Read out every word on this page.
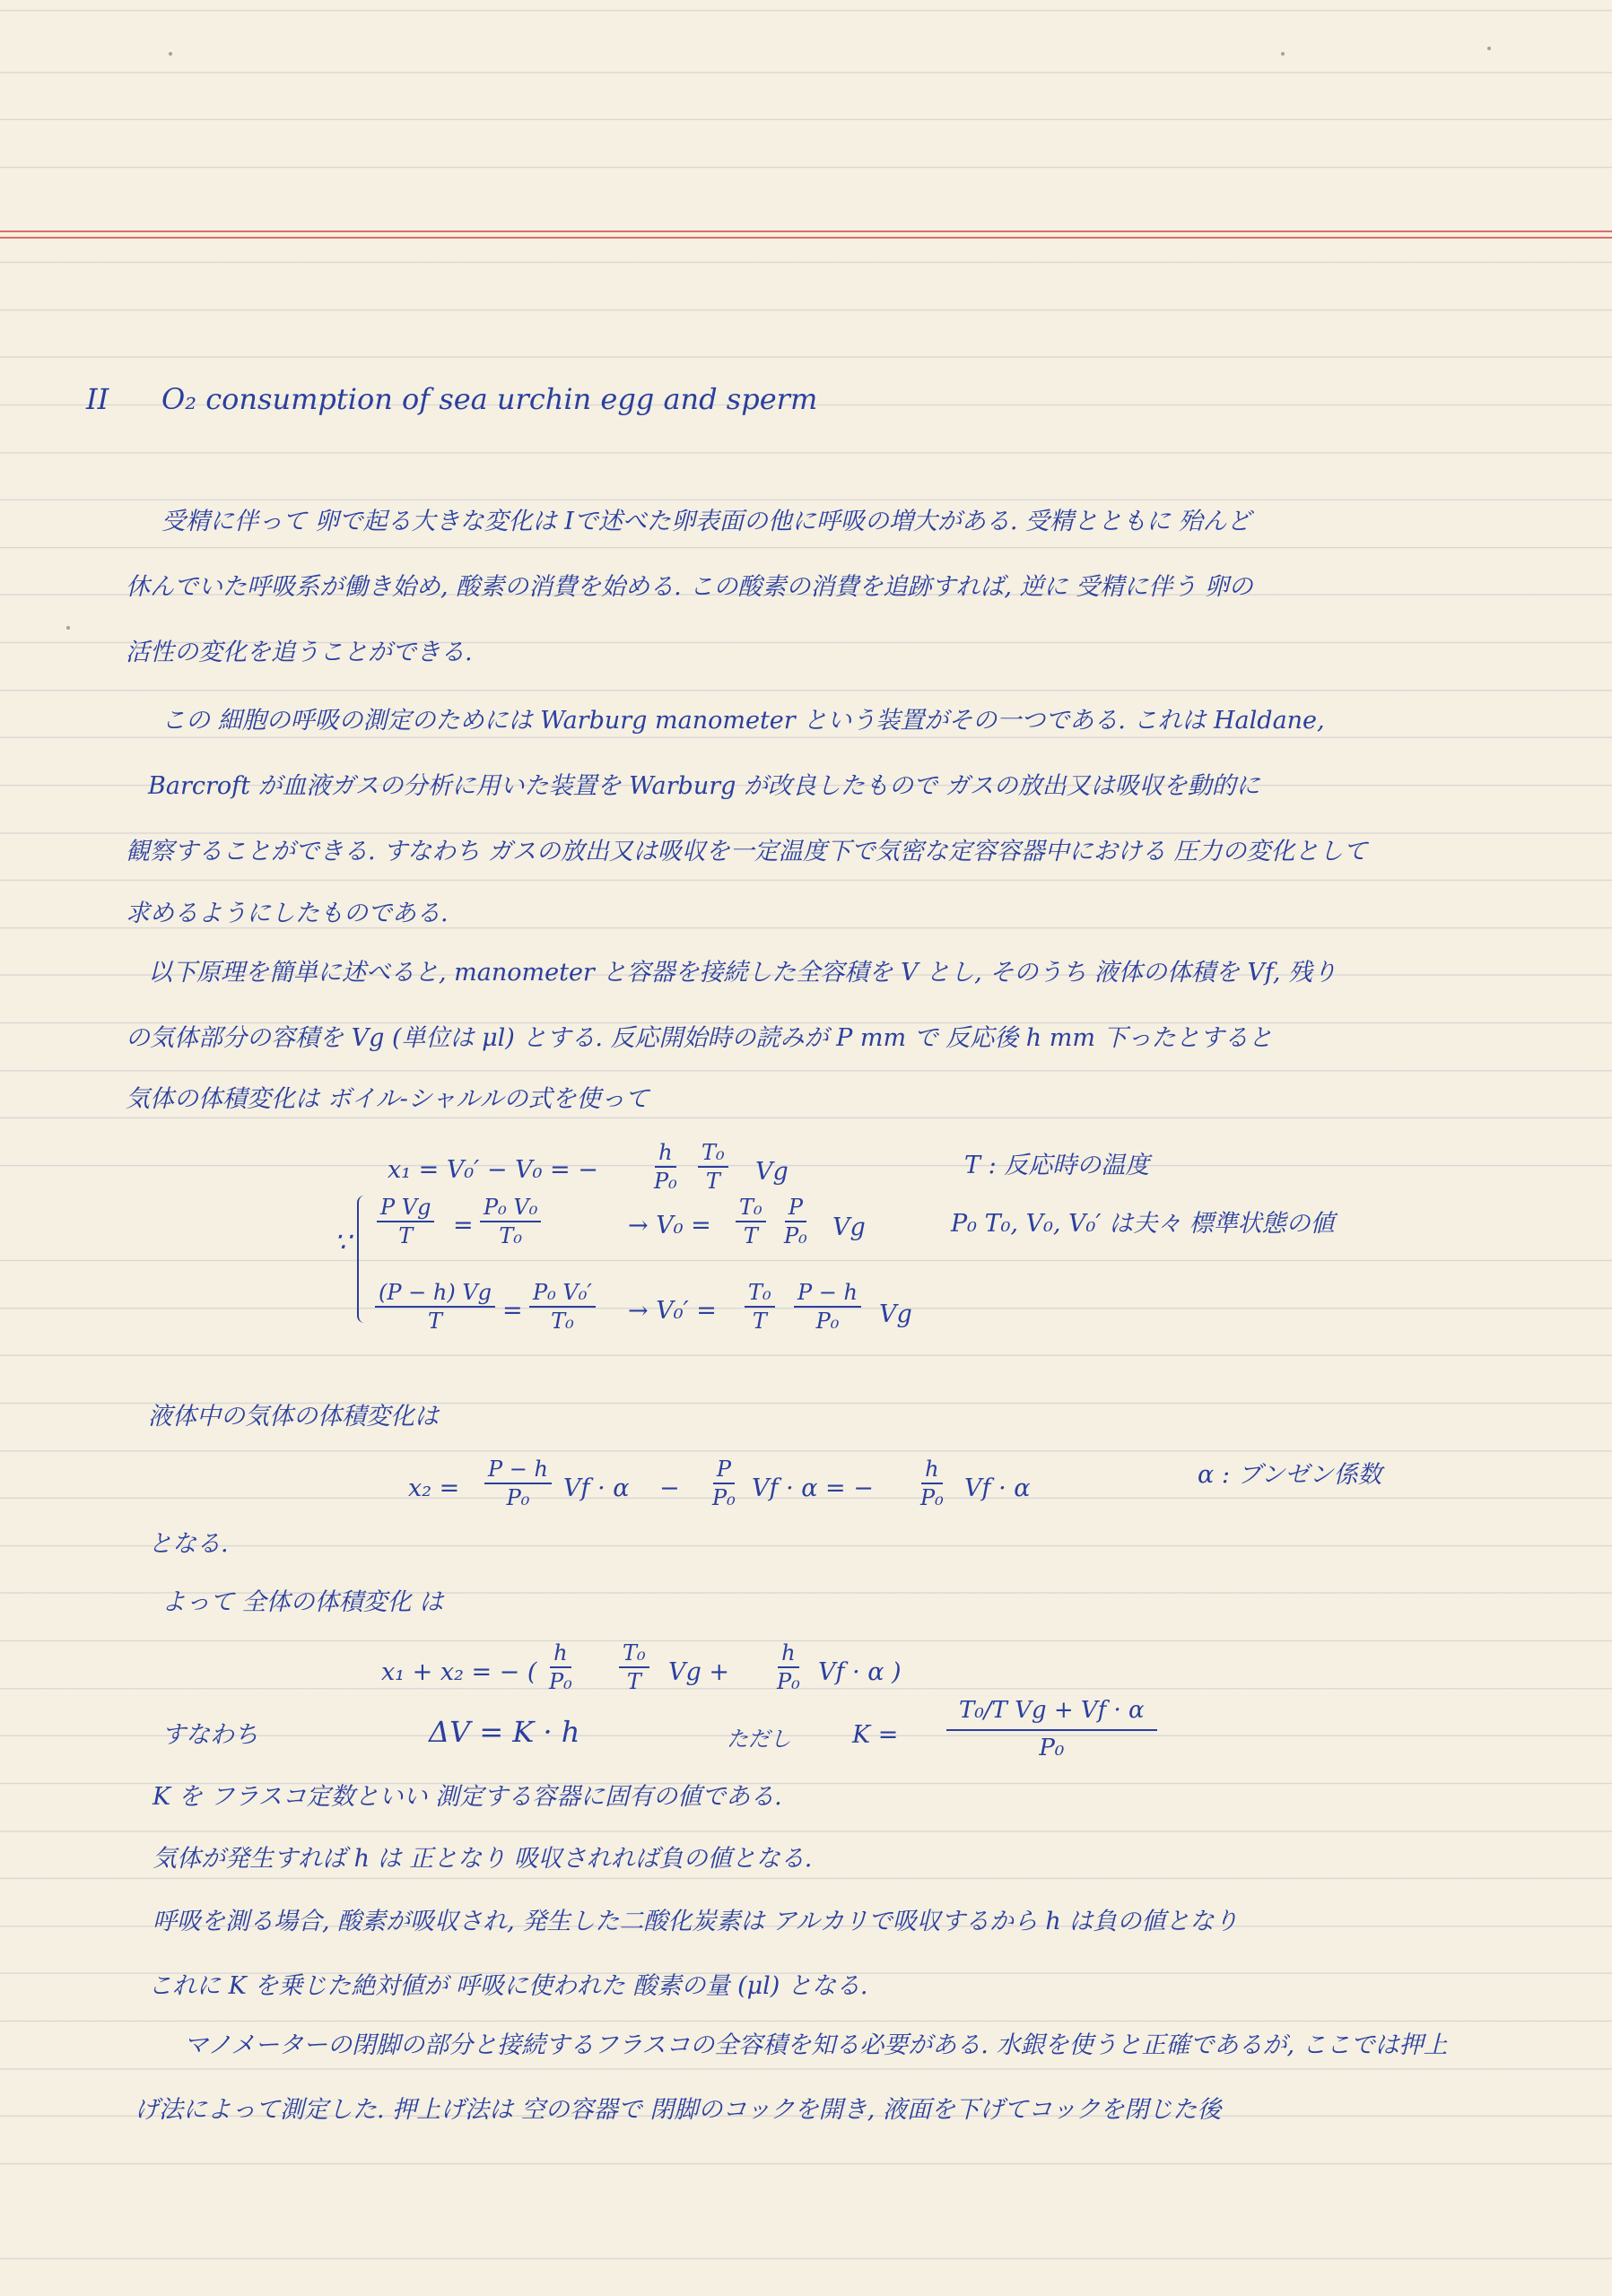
II O₂ consumption of sea urchin egg and sperm
受精に伴って 卵で起る大きな変化は Iで述べた卵表面の他に呼吸の増大がある. 受精とともに 殆んど
休んでいた呼吸系が働き始め, 酸素の消費を始める. この酸素の消費を追跡すれば, 逆に 受精に伴う 卵の
活性の変化を追うことができる.
この 細胞の呼吸の測定のためには Warburg manometer という装置がその一つである. これは Haldane,
Barcroft が血液ガスの分析に用いた装置を Warburg が改良したもので ガスの放出又は吸収を動的に
観察することができる. すなわち ガスの放出又は吸収を一定温度下で気密な定容容器中における 圧力の変化として
求めるようにしたものである.
以下原理を簡単に述べると, manometer と容器を接続した全容積を V とし, そのうち 液体の体積を Vf, 残り
の気体部分の容積を Vg (単位は μl) とする. 反応開始時の読みが P mm で 反応後 h mm 下ったとすると
気体の体積変化は ボイル-シャルルの式を使って
x₁ = V₀′ − V₀ = − $\frac{h}{\text{P₀}} \frac{\text{T₀}}{T}$ Vg	T : 反応時の温度
∵ $\frac{\text{P Vg}}{T} = \frac{\text{P₀ V₀}}{\text{T₀}}$	→ $V_0 = \frac{\text{T₀}}{T} \frac{P}{\text{P₀}}$ Vg	P₀ T₀, V₀, V₀′ は夫々 標準状態の値
$\frac{(P - h) Vg}{T} = \frac{\text{P₀ V₀′}}{\text{T₀}} \to V_0' = \frac{\text{T₀}}{T} \frac{P - h}{\text{P₀}}$ Vg
液体中の気体の体積変化は
$x_2 = \frac{P - h}{\text{P₀}}$ $Vf \cdot \alpha - \frac{P}{\text{P₀}}$ Vf · α = − $\frac{h}{\text{P₀}}$ Vf · α	α : ブンゼン係数
となる.
よって 全体の体積変化 は
x₁ + x₂ = − ( $\frac{h}{\text{P₀}} \frac{\text{T₀}}{T}$ $Vg + \frac{h}{\text{P₀}}$ Vf · α )
すなわち	ΔV = K · h	ただし	$K = \frac{\text{T₀/T Vg + Vf · α}}{\text{P₀}}$
K を フラスコ定数といい 測定する容器に固有の値である.
気体が発生すれば h は 正となり 吸収されれば負の値となる.
呼吸を測る場合, 酸素が吸収され, 発生した二酸化炭素は アルカリで吸収するから h は負の値となり
これに K を乗じた絶対値が 呼吸に使われた 酸素の量 (μl) となる.
マノメーターの閉脚の部分と接続するフラスコの全容積を知る必要がある. 水銀を使うと正確であるが, ここでは押上
げ法によって測定した. 押上げ法は 空の容器で 閉脚のコックを開き, 液面を下げてコックを閉じた後
